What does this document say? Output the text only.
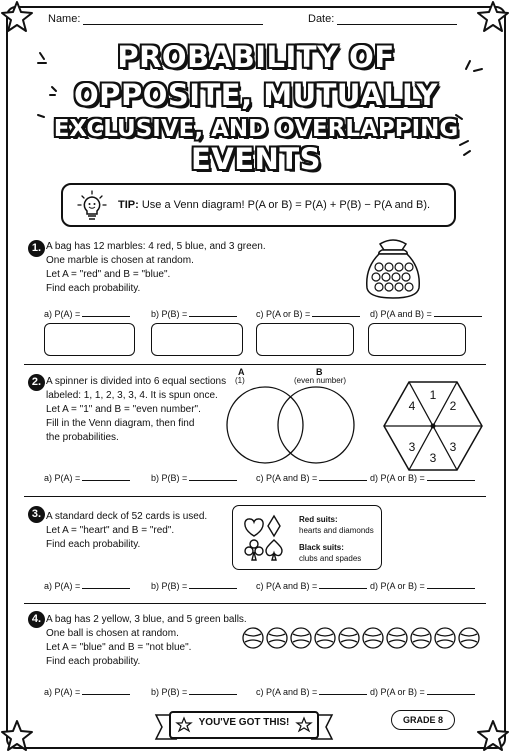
Name:	Date:
PROBABILITY OF
OPPOSITE, MUTUALLY
EXCLUSIVE, AND OVERLAPPING
EVENTS
TIP: Use a Venn diagram! P(A or B) = P(A) + P(B) − P(A and B).
1. A bag has 12 marbles: 4 red, 5 blue, and 3 green.
One marble is chosen at random.
Let A = "red" and B = "blue".
Find each probability.
a) P(A) =	b) P(B) =	c) P(A or B) =	d) P(A and B) =
2. A spinner is divided into 6 equal sections
labeled: 1, 1, 2, 3, 3, 4. It is spun once.
Let A = "1" and B = "even number".
Fill in the Venn diagram, then find
the probabilities.
A
(1)
B
(even number)
1
2
3
3
3
4
a) P(A) =	b) P(B) =	c) P(A and B) =	d) P(A or B) =
3. A standard deck of 52 cards is used.
Let A = "heart" and B = "red".
Find each probability.
Red suits:
hearts and diamonds
Black suits:
clubs and spades
a) P(A) =	b) P(B) =	c) P(A and B) =	d) P(A or B) =
4. A bag has 2 yellow, 3 blue, and 5 green balls.
One ball is chosen at random.
Let A = "blue" and B = "not blue".
Find each probability.
a) P(A) =	b) P(B) =	c) P(A and B) =	d) P(A or B) =
YOU'VE GOT THIS!	GRADE 8
